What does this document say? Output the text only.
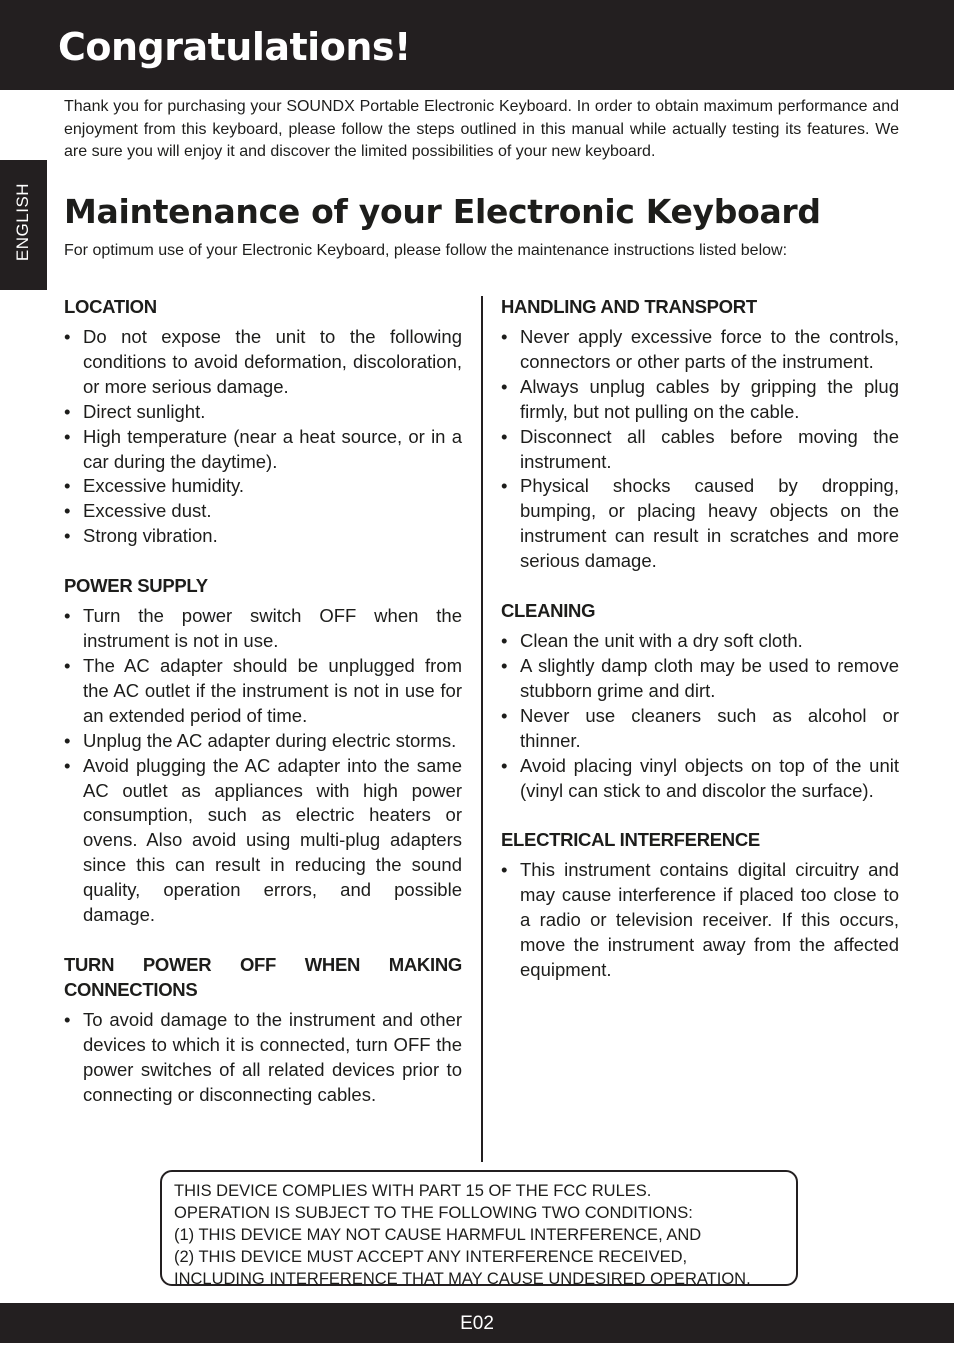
Congratulations!
ENGLISH

Thank you for purchasing your SOUNDX Portable Electronic Keyboard. In order to obtain maximum performance and enjoyment from this keyboard, please follow the steps outlined in this manual while actually testing its features. We are sure you will enjoy it and discover the limited possibilities of your new keyboard.

Maintenance of your Electronic Keyboard

For optimum use of your Electronic Keyboard, please follow the maintenance instructions listed below:

LOCATION
• Do not expose the unit to the following conditions to avoid deformation, discoloration, or more serious damage.
• Direct sunlight.
• High temperature (near a heat source, or in a car during the daytime).
• Excessive humidity.
• Excessive dust.
• Strong vibration.
POWER SUPPLY
• Turn the power switch OFF when the instrument is not in use.
• The AC adapter should be unplugged from the AC outlet if the instrument is not in use for an extended period of time.
• Unplug the AC adapter during electric storms.
• Avoid plugging the AC adapter into the same AC outlet as appliances with high power consumption, such as electric heaters or ovens. Also avoid using multi-plug adapters since this can result in reducing the sound quality, operation errors, and possible damage.
TURN POWER OFF WHEN MAKING CONNECTIONS
• To avoid damage to the instrument and other devices to which it is connected, turn OFF the power switches of all related devices prior to connecting or disconnecting cables.
HANDLING AND TRANSPORT
• Never apply excessive force to the controls, connectors or other parts of the instrument.
• Always unplug cables by gripping the plug firmly, but not pulling on the cable.
• Disconnect all cables before moving the instrument.
• Physical shocks caused by dropping, bumping, or placing heavy objects on the instrument can result in scratches and more serious damage.
CLEANING
• Clean the unit with a dry soft cloth.
• A slightly damp cloth may be used to remove stubborn grime and dirt.
• Never use cleaners such as alcohol or thinner.
• Avoid placing vinyl objects on top of the unit (vinyl can stick to and discolor the surface).
ELECTRICAL INTERFERENCE
• This instrument contains digital circuitry and may cause interference if placed too close to a radio or television receiver. If this occurs, move the instrument away from the affected equipment.

THIS DEVICE COMPLIES WITH PART 15 OF THE FCC RULES.

OPERATION IS SUBJECT TO THE FOLLOWING TWO CONDITIONS:

(1) THIS DEVICE MAY NOT CAUSE HARMFUL INTERFERENCE, AND

(2) THIS DEVICE MUST ACCEPT ANY INTERFERENCE RECEIVED,

INCLUDING INTERFERENCE THAT MAY CAUSE UNDESIRED OPERATION.

E02
